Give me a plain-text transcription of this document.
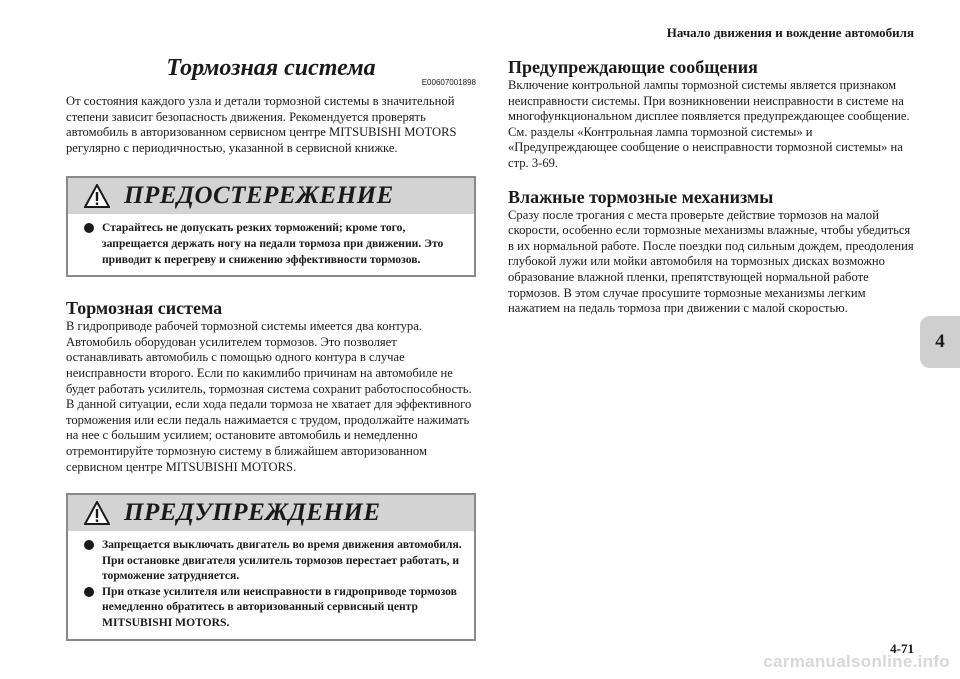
Начало движения и вождение автомобиля
4
Тормозная система
E00607001898

От состояния каждого узла и детали тормозной системы в значительной степени зависит безопасность движения. Рекомендуется проверять автомобиль в авторизованном сервисном центре MITSUBISHI MOTORS регулярно с периодичностью, указанной в сервисной книжке.

ПРЕДОСТЕРЕЖЕНИЕ
Старайтесь не допускать резких торможений; кроме того, запрещается держать ногу на педали тормоза при движении. Это приводит к перегреву и снижению эффективности тормозов.
Тормозная система

В гидроприводе рабочей тормозной системы имеется два контура. Автомобиль оборудован усилителем тормозов. Это позволяет останавливать автомобиль с помощью одного контура в случае неисправности второго. Если по какимлибо причинам на автомобиле не будет работать усилитель, тормозная система сохранит работоспособность. В данной ситуации, если хода педали тормоза не хватает для эффективного торможения или если педаль нажимается с трудом, продолжайте нажимать на нее с большим усилием; остановите автомобиль и немедленно отремонтируйте тормозную систему в ближайшем авторизованном сервисном центре MITSUBISHI MOTORS.

ПРЕДУПРЕЖДЕНИЕ
Запрещается выключать двигатель во время движения автомобиля. При остановке двигателя усилитель тормозов перестает работать, и торможение затрудняется.
При отказе усилителя или неисправности в гидроприводе тормозов немедленно обратитесь в авторизованный сервисный центр MITSUBISHI MOTORS.
Предупреждающие сообщения

Включение контрольной лампы тормозной системы является признаком неисправности системы. При возникновении неисправности в системе на многофункциональном дисплее появляется предупреждающее сообщение. См. разделы «Контрольная лампа тормозной системы» и «Предупреждающее сообщение о неисправности тормозной системы» на стр. 3-69.

Влажные тормозные механизмы

Сразу после трогания с места проверьте действие тормозов на малой скорости, особенно если тормозные механизмы влажные, чтобы убедиться в их нормальной работе. После поездки под сильным дождем, преодоления глубокой лужи или мойки автомобиля на тормозных дисках возможно образование влажной пленки, препятствующей нормальной работе тормозов. В этом случае просушите тормозные механизмы легким нажатием на педаль тормоза при движении с малой скоростью.

4-71
carmanualsonline.info
